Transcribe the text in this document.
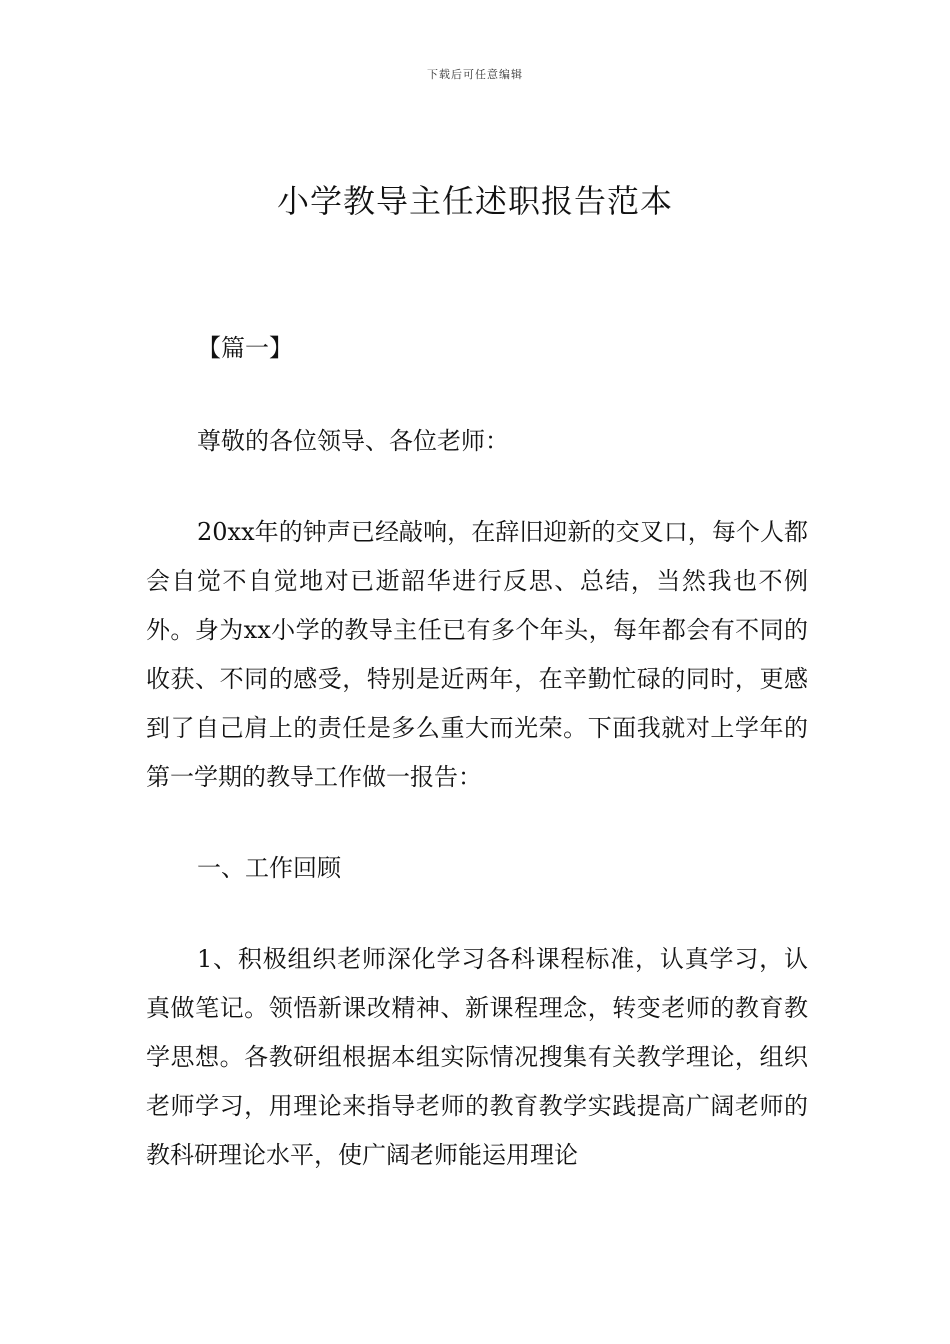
下载后可任意编辑
小学教导主任述职报告范本

【篇一】

尊敬的各位领导、各位老师：

20xx年的钟声已经敲响，在辞旧迎新的交叉口，每个人都会自觉不自觉地对已逝韶华进行反思、总结，当然我也不例外。身为xx小学的教导主任已有多个年头，每年都会有不同的收获、不同的感受，特别是近两年，在辛勤忙碌的同时，更感到了自己肩上的责任是多么重大而光荣。下面我就对上学年的第一学期的教导工作做一报告：

一、工作回顾

1、积极组织老师深化学习各科课程标准，认真学习，认真做笔记。领悟新课改精神、新课程理念，转变老师的教育教学思想。各教研组根据本组实际情况搜集有关教学理论，组织老师学习，用理论来指导老师的教育教学实践提高广阔老师的教科研理论水平，使广阔老师能运用理论
